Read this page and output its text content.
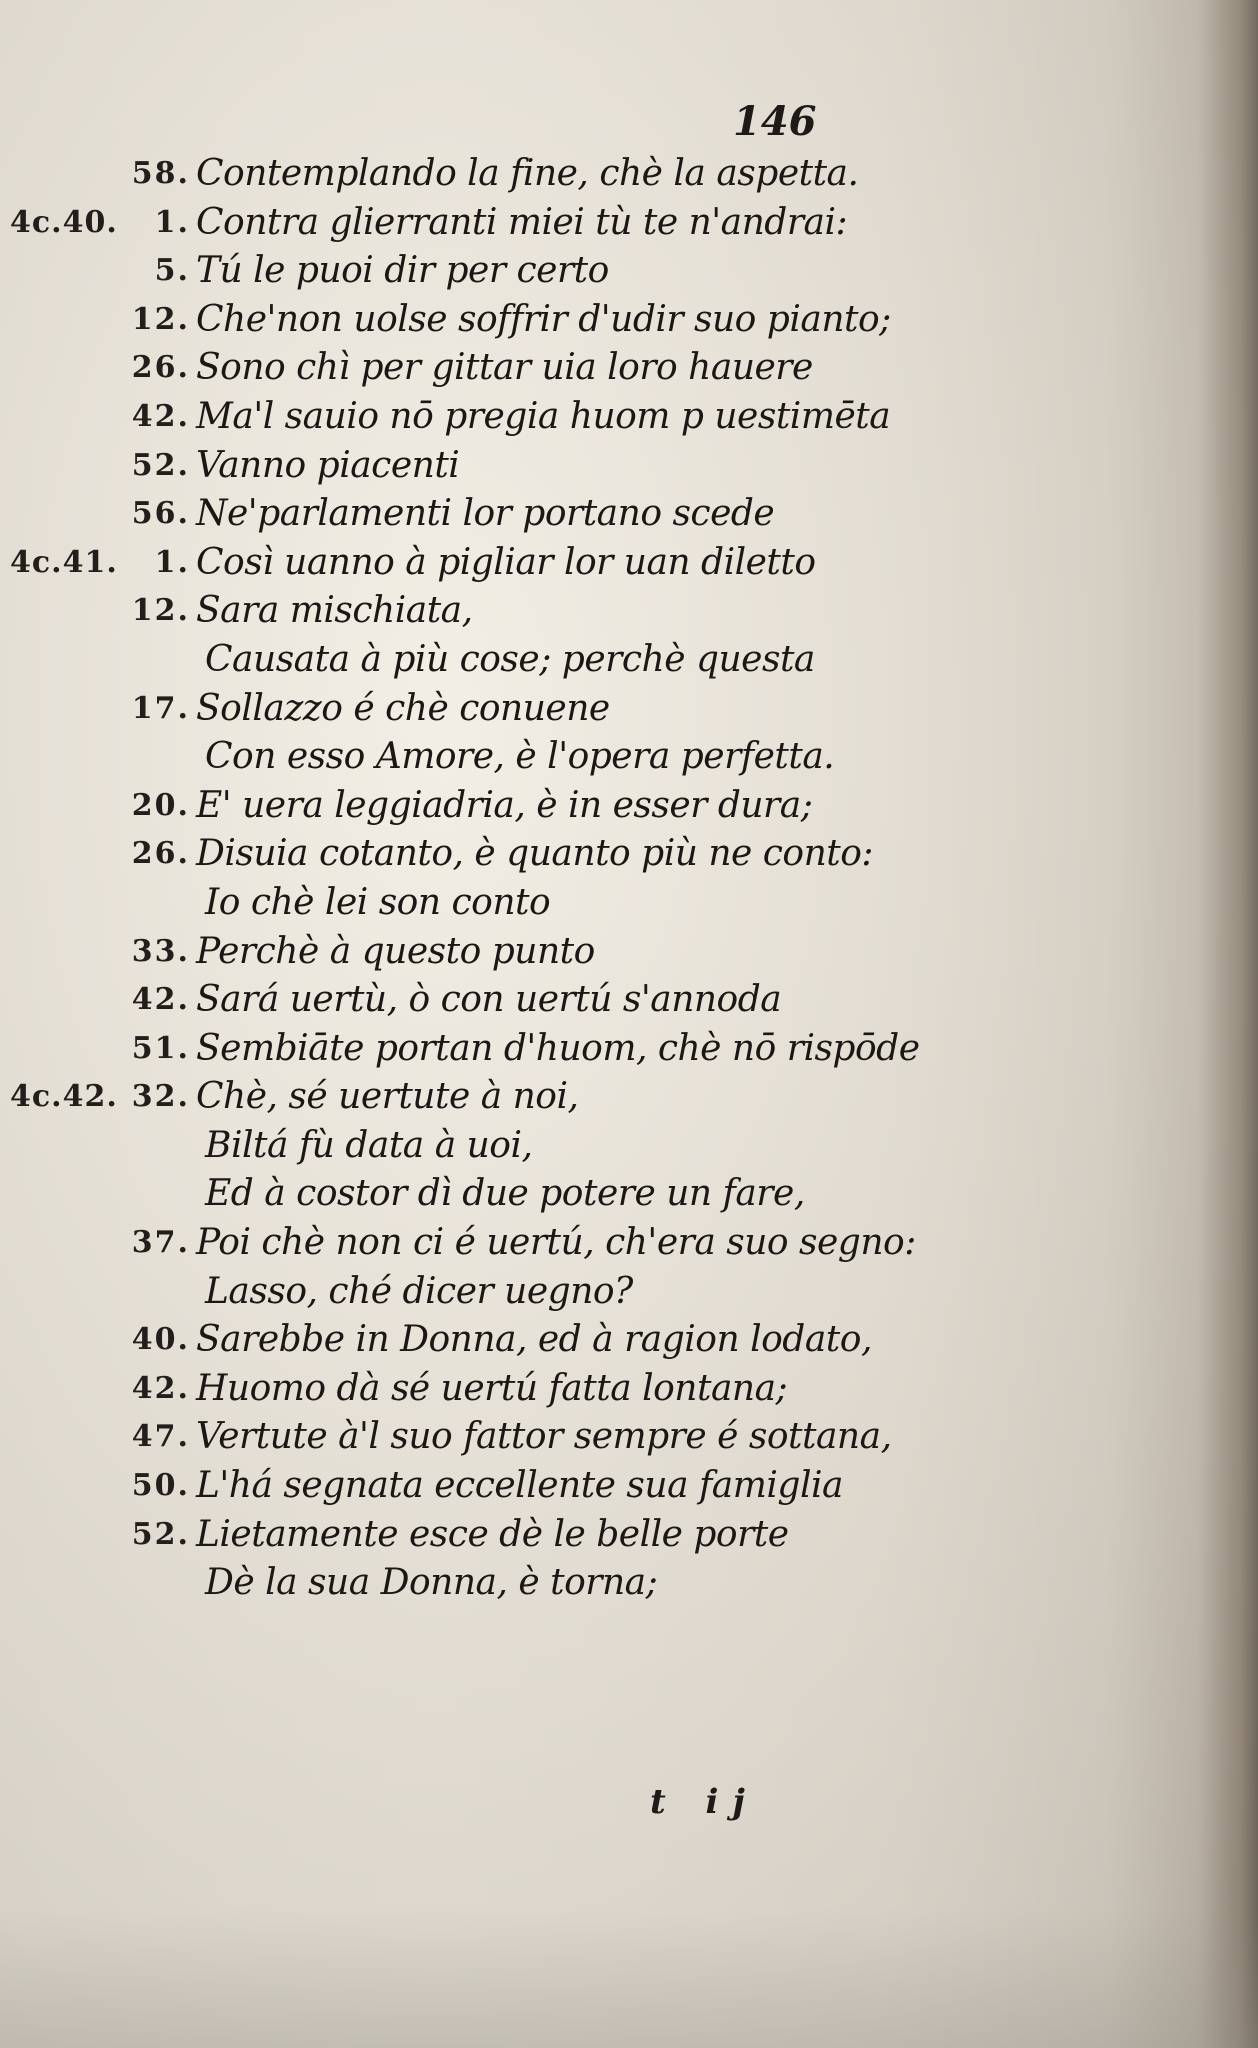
146
58. Contemplando la fine, chè la aspetta.
4c.40.	1. Contra glierranti miei tù te n'andrai:
5. Tú le puoi dir per certo
12. Che'non uolse soffrir d'udir suo pianto;
26. Sono chì per gittar uia loro hauere
42. Ma'l sauio nō pregia huom p uestimēta
52. Vanno piacenti
56. Ne'parlamenti lor portano scede
4c.41.	1. Così uanno à pigliar lor uan diletto
12. Sara mischiata,
Causata à più cose; perchè questa
17. Sollazzo é chè conuene
Con esso Amore, è l'opera perfetta.
20. E' uera leggiadria, è in esser dura;
26. Disuia cotanto, è quanto più ne conto:
Io chè lei son conto
33. Perchè à questo punto
42. Sará uertù, ò con uertú s'annoda
51. Sembiāte portan d'huom, chè nō rispōde
4c.42. 32. Chè, sé uertute à noi,
Biltá fù data à uoi,
Ed à costor dì due potere un fare,
37. Poi chè non ci é uertú, ch'era suo segno:
Lasso, ché dicer uegno?
40. Sarebbe in Donna, ed à ragion lodato,
42. Huomo dà sé uertú fatta lontana;
47. Vertute à'l suo fattor sempre é sottana,
50. L'há segnata eccellente sua famiglia
52. Lietamente esce dè le belle porte
Dè la sua Donna, è torna;
t ij
